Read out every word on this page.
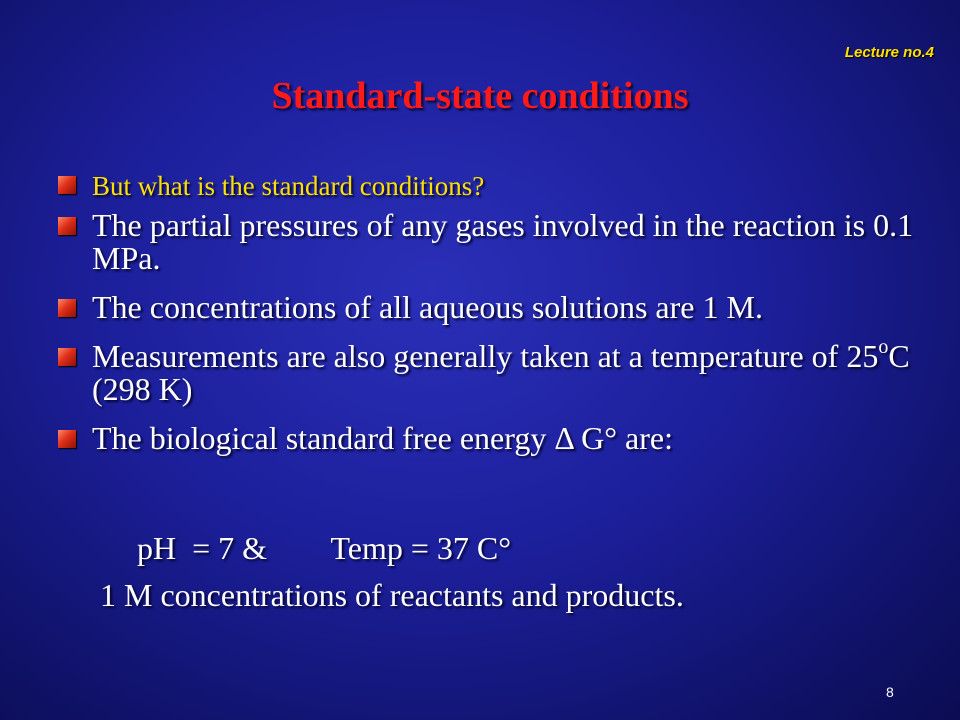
Lecture no.4
Standard-state conditions
But what is the standard conditions?
The partial pressures of any gases involved in the reaction is 0.1 MPa.
The concentrations of all aqueous solutions are 1 M.
Measurements are also generally taken at a temperature of 25$^o$C (298 K)
The biological standard free energy Δ G° are:
pH  = 7 &        Temp = 37 C°
1 M concentrations of reactants and products.
8
